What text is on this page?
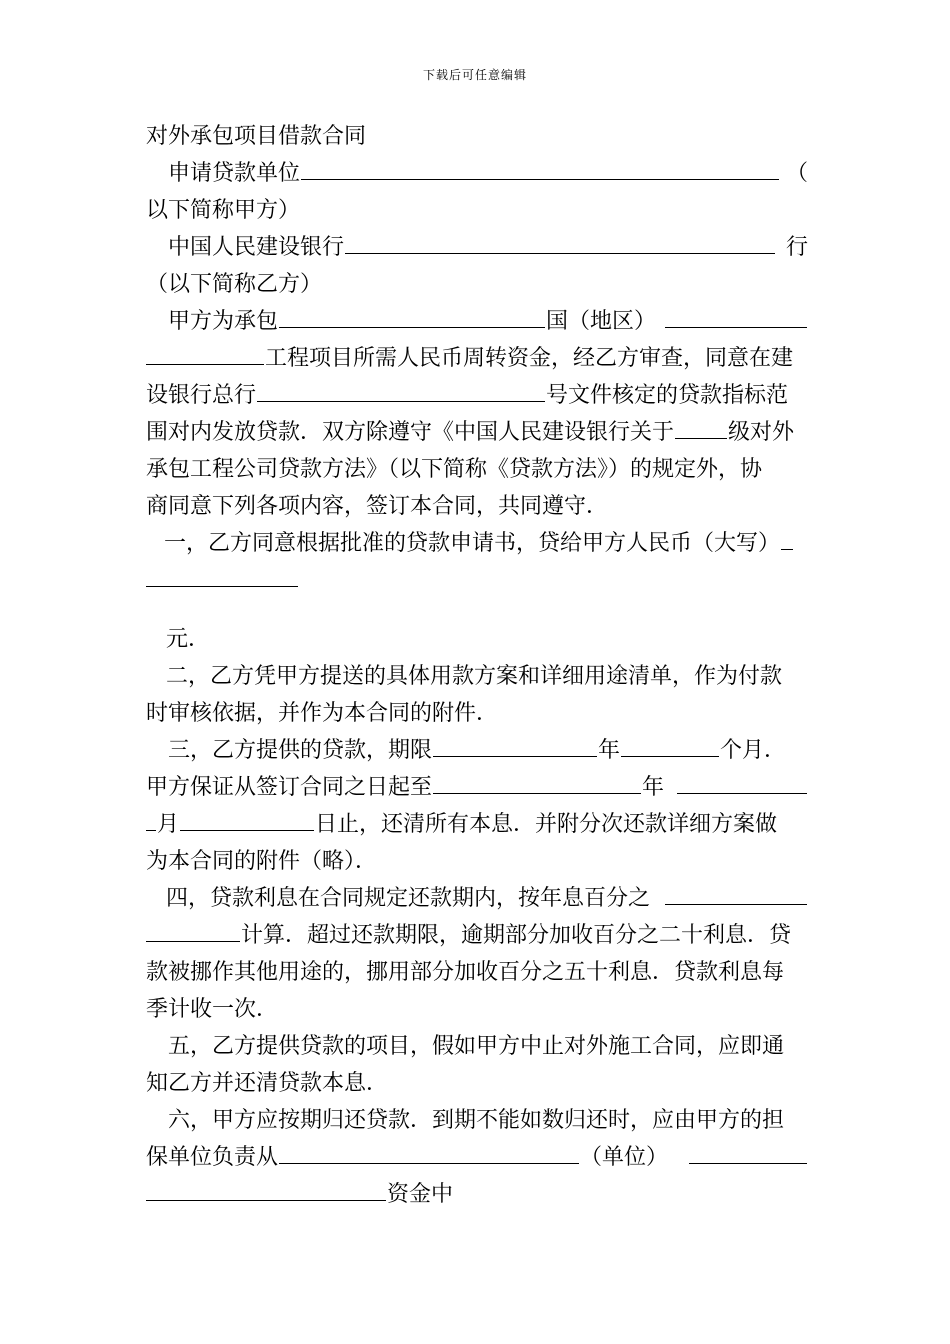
下载后可任意编辑
对外承包项目借款合同
申请贷款单位	（
以下简称甲方）
中国人民建设银行	行
（以下简称乙方）
甲方为承包	国（地区）
工程项目所需人民币周转资金，经乙方审查，同意在建
设银行总行	号文件核定的贷款指标范
围对内发放贷款．双方除遵守《中国人民建设银行关于 级对外
承包工程公司贷款方法》（以下简称《贷款方法》）的规定外，协
商同意下列各项内容，签订本合同，共同遵守．
一，乙方同意根据批准的贷款申请书，贷给甲方人民币（大写）
元．
二，乙方凭甲方提送的具体用款方案和详细用途清单，作为付款
时审核依据，并作为本合同的附件．
三，乙方提供的贷款，期限	年	个月．
甲方保证从签订合同之日起至	年
月	日止，还清所有本息．并附分次还款详细方案做
为本合同的附件（略）．
四，贷款利息在合同规定还款期内，按年息百分之
计算．超过还款期限，逾期部分加收百分之二十利息．贷
款被挪作其他用途的，挪用部分加收百分之五十利息．贷款利息每
季计收一次．
五，乙方提供贷款的项目，假如甲方中止对外施工合同，应即通
知乙方并还清贷款本息．
六，甲方应按期归还贷款．到期不能如数归还时，应由甲方的担
保单位负责从	（单位）
资金中
